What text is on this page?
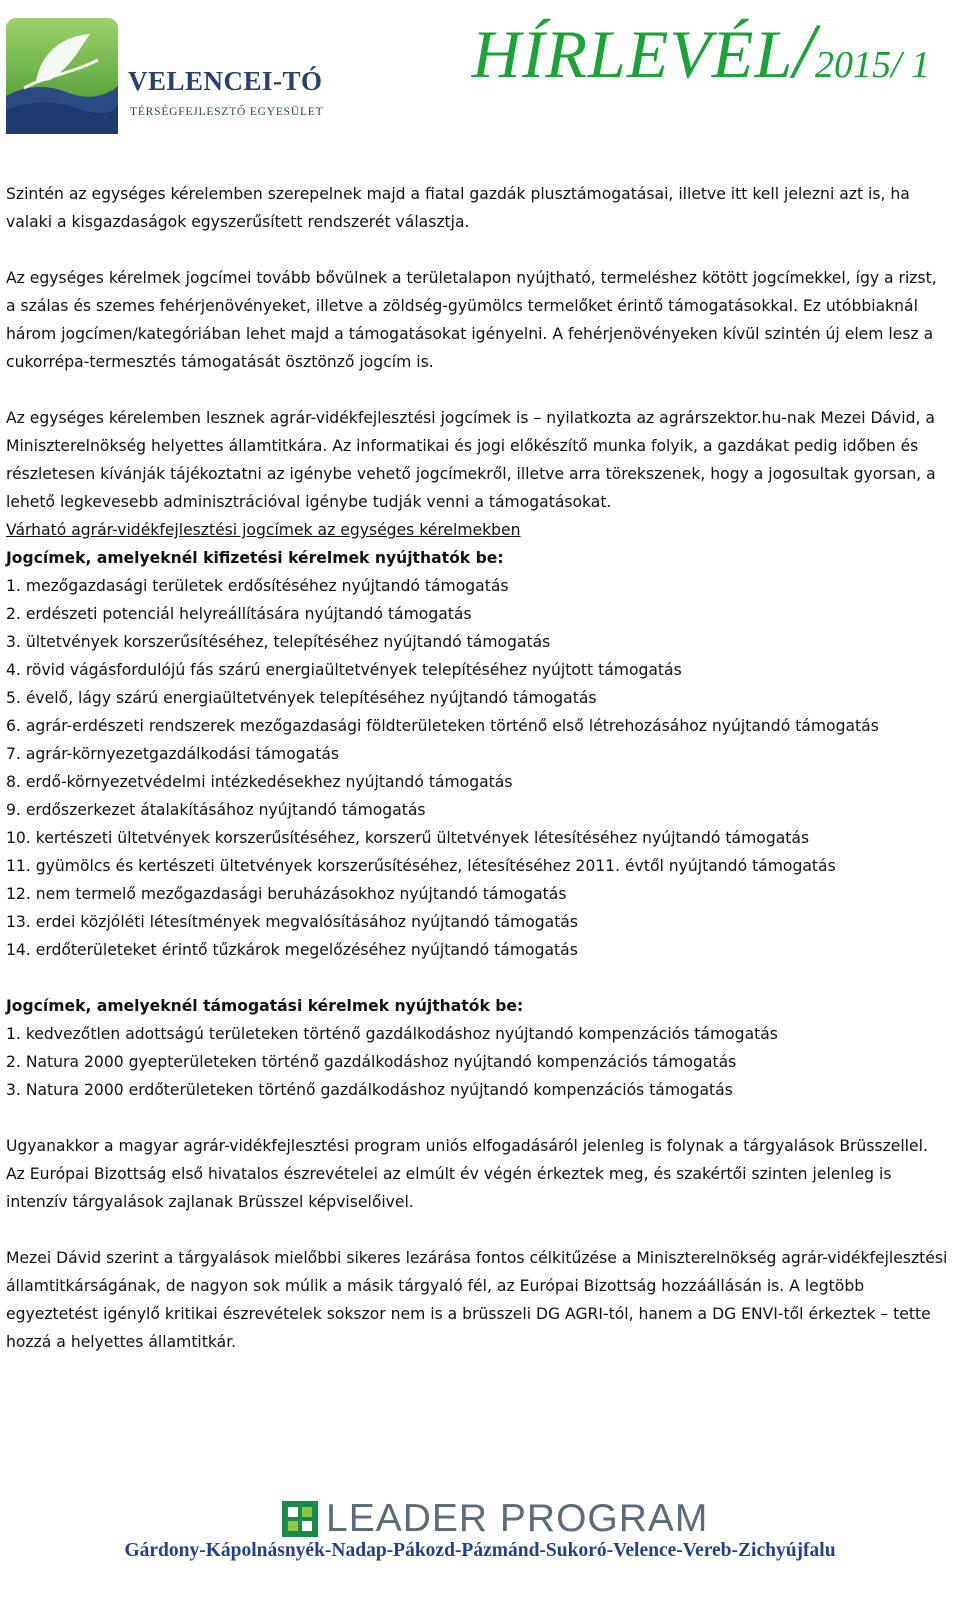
VELENCEI-TÓ
TÉRSÉGFEJLESZTŐ EGYESÜLET
HÍRLEVÉL/2015/ 1

Szintén az egységes kérelemben szerepelnek majd a fiatal gazdák plusztámogatásai, illetve itt kell jelezni azt is, ha valaki a kisgazdaságok egyszerűsített rendszerét választja.

Az egységes kérelmek jogcímei tovább bővülnek a területalapon nyújtható, termeléshez kötött jogcímekkel, így a rizst, a szálas és szemes fehérjenövényeket, illetve a zöldség-gyümölcs termelőket érintő támogatásokkal. Ez utóbbiaknál három jogcímen/kategóriában lehet majd a támogatásokat igényelni. A fehérjenövényeken kívül szintén új elem lesz a cukorrépa-termesztés támogatását ösztönző jogcím is.

Az egységes kérelemben lesznek agrár-vidékfejlesztési jogcímek is – nyilatkozta az agrárszektor.hu-nak Mezei Dávid, a Miniszterelnökség helyettes államtitkára. Az informatikai és jogi előkészítő munka folyik, a gazdákat pedig időben és részletesen kívánják tájékoztatni az igénybe vehető jogcímekről, illetve arra törekszenek, hogy a jogosultak gyorsan, a lehető legkevesebb adminisztrációval igénybe tudják venni a támogatásokat.

Várható agrár-vidékfejlesztési jogcímek az egységes kérelmekben

Jogcímek, amelyeknél kifizetési kérelmek nyújthatók be:

1. mezőgazdasági területek erdősítéséhez nyújtandó támogatás

2. erdészeti potenciál helyreállítására nyújtandó támogatás

3. ültetvények korszerűsítéséhez, telepítéséhez nyújtandó támogatás

4. rövid vágásfordulójú fás szárú energiaültetvények telepítéséhez nyújtott támogatás

5. évelő, lágy szárú energiaültetvények telepítéséhez nyújtandó támogatás

6. agrár-erdészeti rendszerek mezőgazdasági földterületeken történő első létrehozásához nyújtandó támogatás

7. agrár-környezetgazdálkodási támogatás

8. erdő-környezetvédelmi intézkedésekhez nyújtandó támogatás

9. erdőszerkezet átalakításához nyújtandó támogatás

10. kertészeti ültetvények korszerűsítéséhez, korszerű ültetvények létesítéséhez nyújtandó támogatás

11. gyümölcs és kertészeti ültetvények korszerűsítéséhez, létesítéséhez 2011. évtől nyújtandó támogatás

12. nem termelő mezőgazdasági beruházásokhoz nyújtandó támogatás

13. erdei közjóléti létesítmények megvalósításához nyújtandó támogatás

14. erdőterületeket érintő tűzkárok megelőzéséhez nyújtandó támogatás

Jogcímek, amelyeknél támogatási kérelmek nyújthatók be:

1. kedvezőtlen adottságú területeken történő gazdálkodáshoz nyújtandó kompenzációs támogatás

2. Natura 2000 gyepterületeken történő gazdálkodáshoz nyújtandó kompenzációs támogatás

3. Natura 2000 erdőterületeken történő gazdálkodáshoz nyújtandó kompenzációs támogatás

Ugyanakkor a magyar agrár-vidékfejlesztési program uniós elfogadásáról jelenleg is folynak a tárgyalások Brüsszellel. Az Európai Bizottság első hivatalos észrevételei az elmúlt év végén érkeztek meg, és szakértői szinten jelenleg is intenzív tárgyalások zajlanak Brüsszel képviselőivel.

Mezei Dávid szerint a tárgyalások mielőbbi sikeres lezárása fontos célkitűzése a Miniszterelnökség agrár-vidékfejlesztési államtitkárságának, de nagyon sok múlik a másik tárgyaló fél, az Európai Bizottság hozzáállásán is. A legtöbb egyeztetést igénylő kritikai észrevételek sokszor nem is a brüsszeli DG AGRI-tól, hanem a DG ENVI-től érkeztek – tette hozzá a helyettes államtitkár.

LEADER PROGRAM
Gárdony-Kápolnásnyék-Nadap-Pákozd-Pázmánd-Sukoró-Velence-Vereb-Zichyújfalu
